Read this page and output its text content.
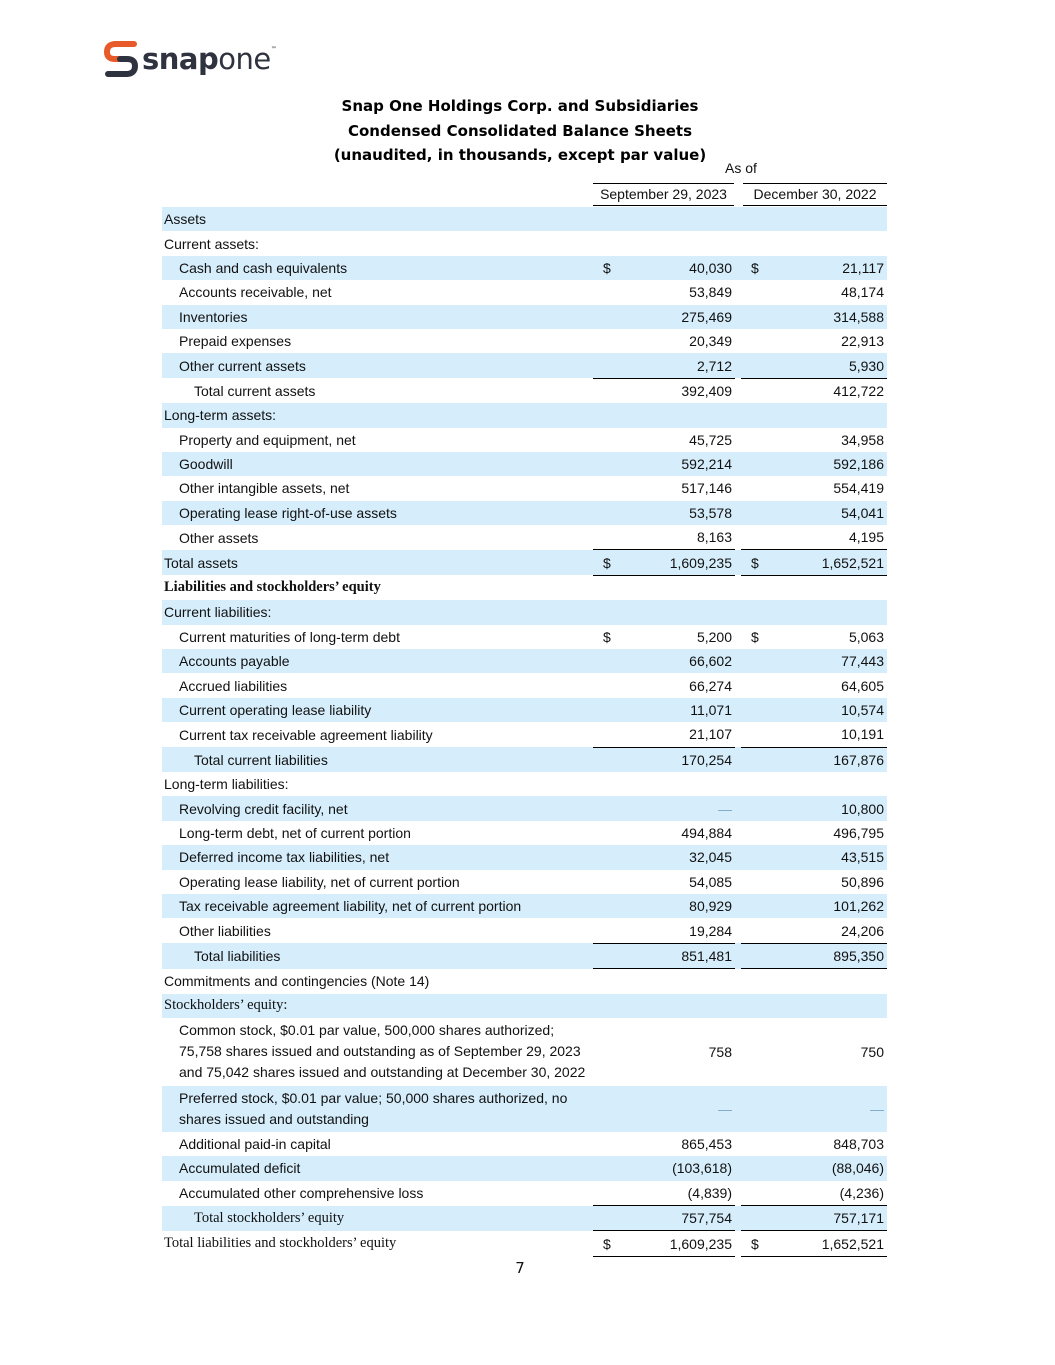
snapone™
Snap One Holdings Corp. and Subsidiaries
Condensed Consolidated Balance Sheets
(unaudited, in thousands, except par value)
As of
September 29, 2023	December 30, 2022
Assets					
Current assets:					
Cash and cash equivalents	$	40,030		$	21,117
Accounts receivable, net		53,849			48,174
Inventories		275,469			314,588
Prepaid expenses		20,349			22,913
Other current assets		2,712			5,930
Total current assets		392,409			412,722
Long-term assets:					
Property and equipment, net		45,725			34,958
Goodwill		592,214			592,186
Other intangible assets, net		517,146			554,419
Operating lease right-of-use assets		53,578			54,041
Other assets		8,163			4,195
Total assets	$	1,609,235		$	1,652,521
Liabilities and stockholders’ equity					
Current liabilities:					
Current maturities of long-term debt	$	5,200		$	5,063
Accounts payable		66,602			77,443
Accrued liabilities		66,274			64,605
Current operating lease liability		11,071			10,574
Current tax receivable agreement liability		21,107			10,191
Total current liabilities		170,254			167,876
Long-term liabilities:					
Revolving credit facility, net		—			10,800
Long-term debt, net of current portion		494,884			496,795
Deferred income tax liabilities, net		32,045			43,515
Operating lease liability, net of current portion		54,085			50,896
Tax receivable agreement liability, net of current portion		80,929			101,262
Other liabilities		19,284			24,206
Total liabilities		851,481			895,350
Commitments and contingencies (Note 14)					
Stockholders’ equity:					
Common stock, $0.01 par value, 500,000 shares authorized; 75,758 shares issued and outstanding as of September 29, 2023 and 75,042 shares issued and outstanding at December 30, 2022		758			750
Preferred stock, $0.01 par value; 50,000 shares authorized, no shares issued and outstanding		—			—
Additional paid-in capital		865,453			848,703
Accumulated deficit		(103,618)			(88,046)
Accumulated other comprehensive loss		(4,839)			(4,236)
Total stockholders’ equity		757,754			757,171
Total liabilities and stockholders’ equity	$	1,609,235		$	1,652,521
7
